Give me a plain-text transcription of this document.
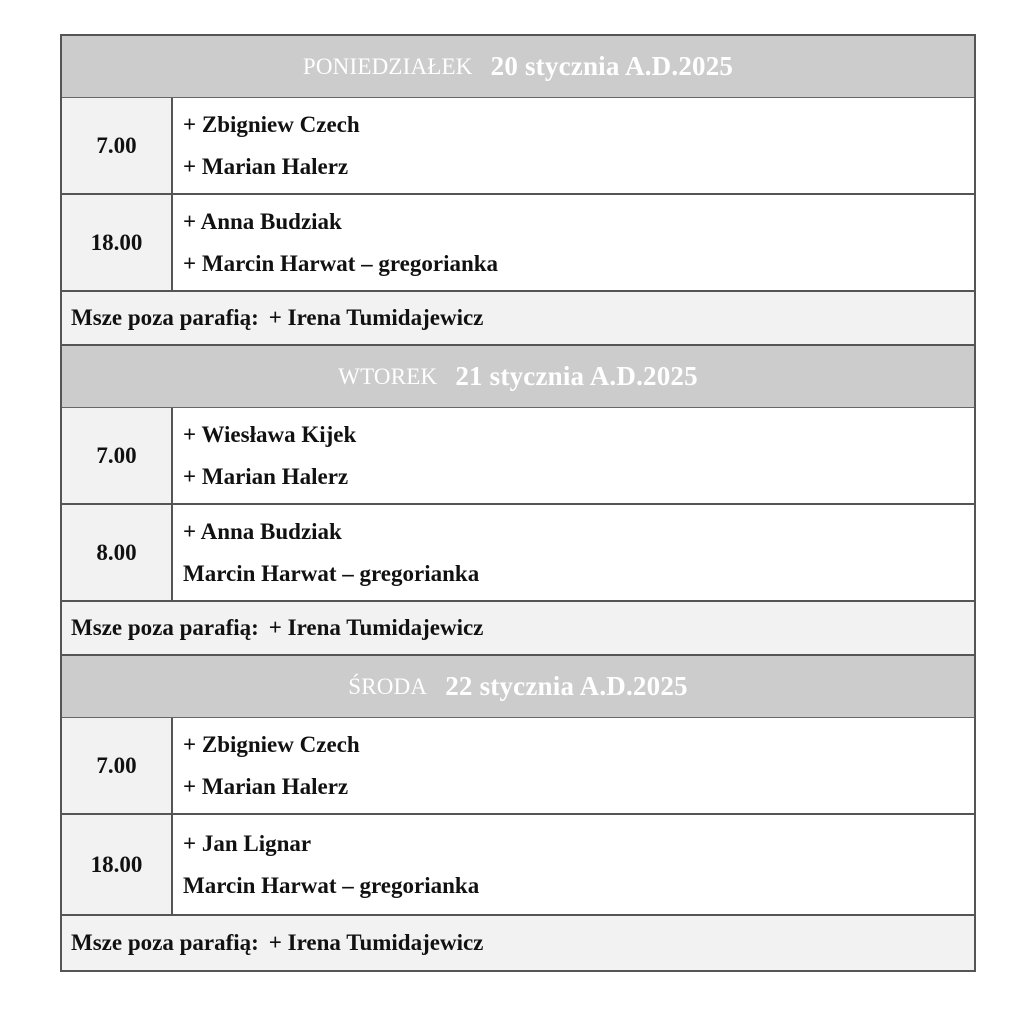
PONIEDZIAŁEK 20 stycznia A.D.2025
7.00
+ Zbigniew Czech
+ Marian Halerz
18.00
+ Anna Budziak
+ Marcin Harwat – gregorianka
Msze poza parafią: + Irena Tumidajewicz
WTOREK 21 stycznia A.D.2025
7.00
+ Wiesława Kijek
+ Marian Halerz
8.00
+ Anna Budziak
Marcin Harwat – gregorianka
Msze poza parafią: + Irena Tumidajewicz
ŚRODA 22 stycznia A.D.2025
7.00
+ Zbigniew Czech
+ Marian Halerz
18.00
+ Jan Lignar
Marcin Harwat – gregorianka
Msze poza parafią: + Irena Tumidajewicz
